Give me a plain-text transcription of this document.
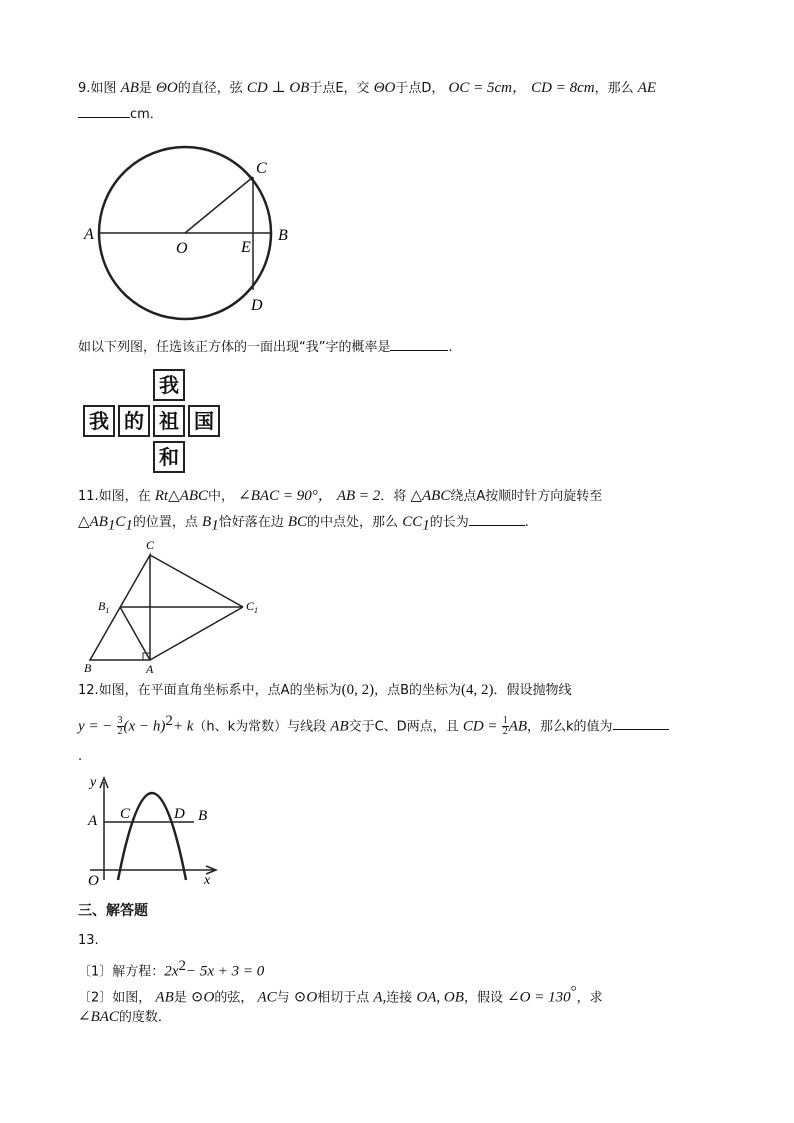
9.如图 AB是 ΘO的直径，弦 CD ⊥ OB于点E，交 ΘO于点D， OC = 5cm， CD = 8cm，那么 AE
cm．
A
O	E
B
C
D
如以下列图，任选该正方体的一面出现“我”字的概率是	.
我
我 的 祖 国
和
11.如图，在 Rt△ABC中， ∠BAC = 90°， AB = 2．将 △ABC绕点A按顺时针方向旋转至
$\triangle AB_1C_1$的位置，点 $B_1$恰好落在边 BC的中点处，那么 $CC_1$的长为	.
C
$B_1$	$C_1$
B	A
12.如图，在平面直角坐标系中，点A的坐标为(0, 2)，点B的坐标为(4, 2)．假设抛物线
y = − $\frac{3}{2} (x - h)^2+ k(h$、k为常数）与线段 AB交于C、D两点，且 CD = $\frac{1}{2}$ AB，那么k的值为
.
y
A C	D B
O	x
三、解答题
13.
〔1〕解方程：$2x^2- 5x + 3 = 0$
〔2〕如图， AB是 ⊙O的弦， AC与 ⊙O相切于点 A,连接 OA, OB，假设 ∠O = 130°，求
∠BAC的度数．
